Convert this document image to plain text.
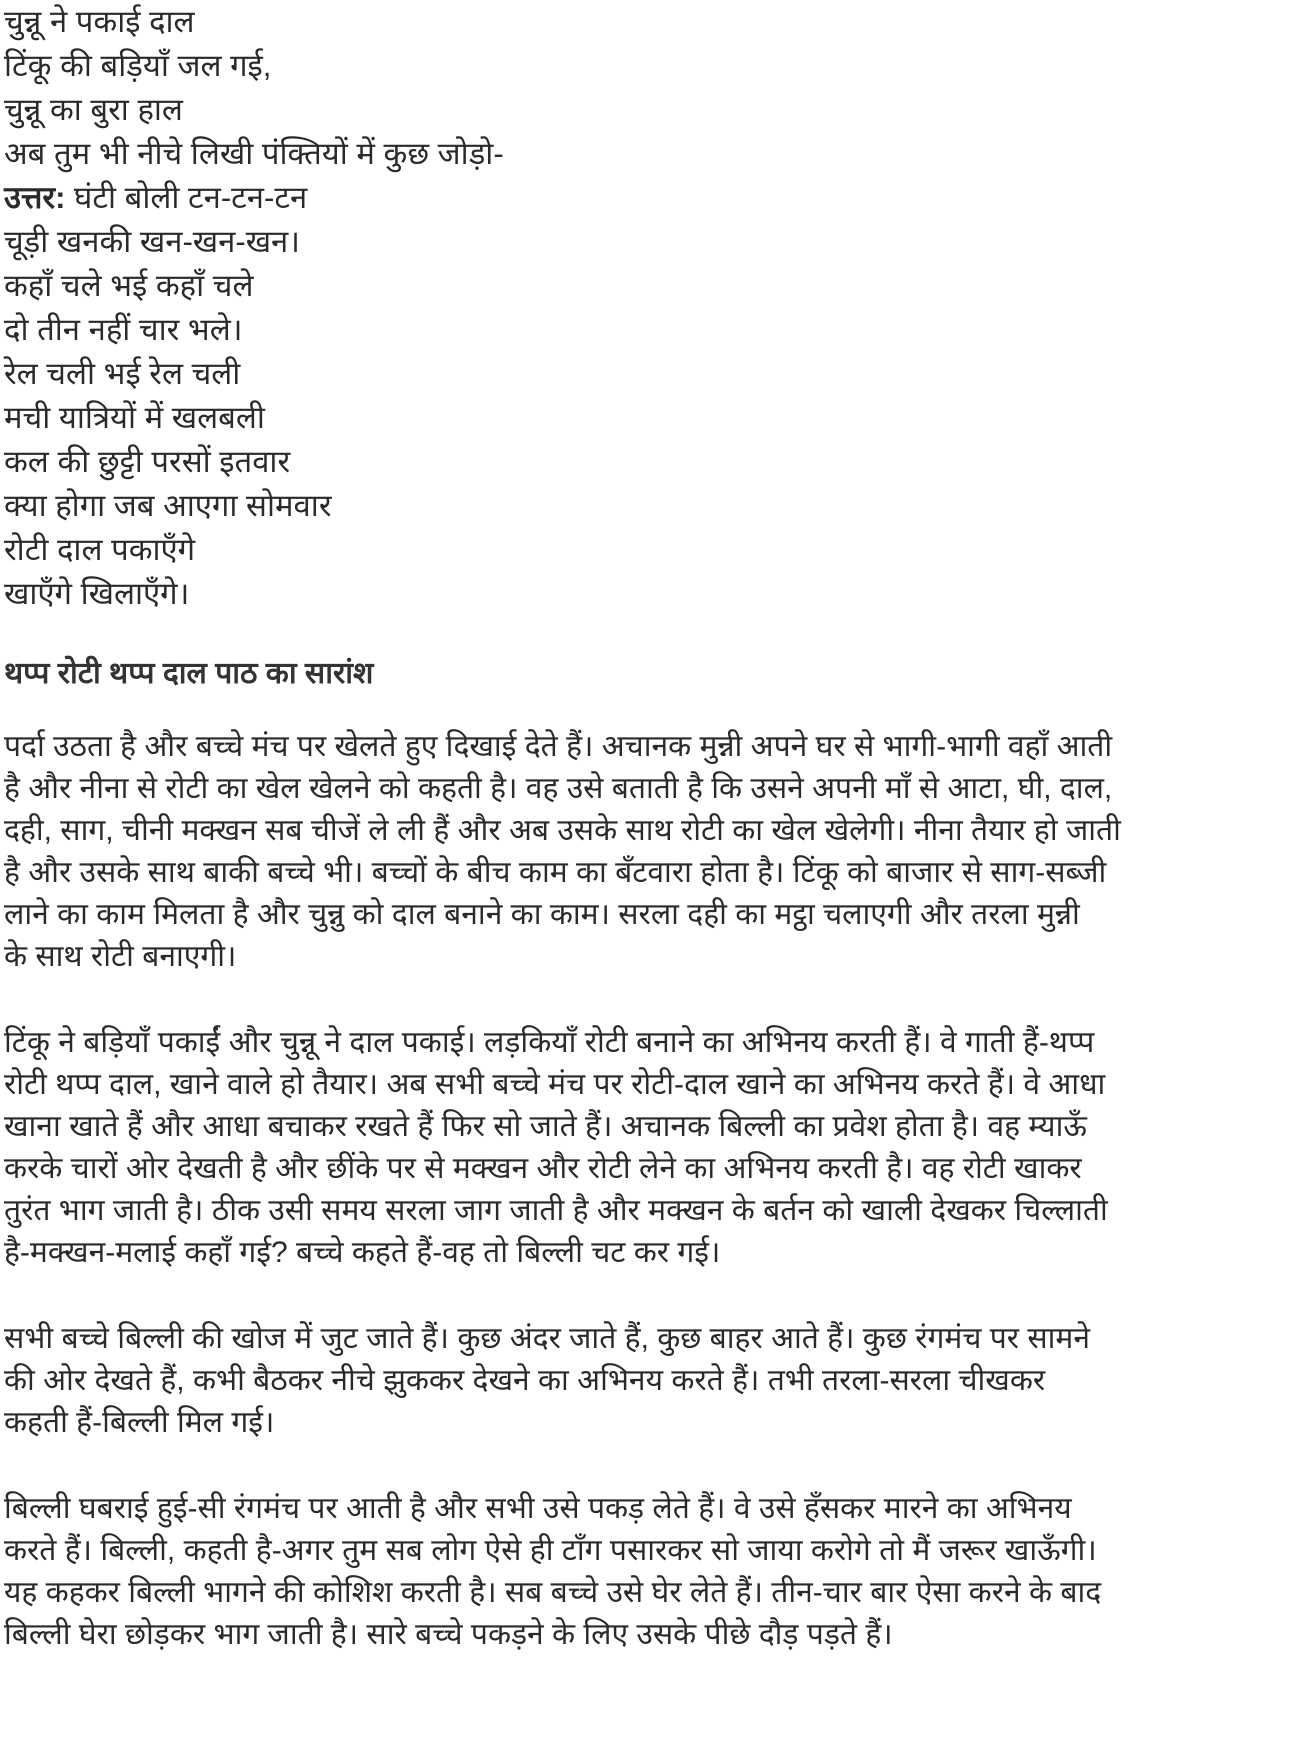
चुन्नू ने पकाई दाल
टिंकू की बड़ियाँ जल गई,
चुन्नू का बुरा हाल
अब तुम भी नीचे लिखी पंक्तियों में कुछ जोड़ो-
उत्तर: घंटी बोली टन-टन-टन
चूड़ी खनकी खन-खन-खन।
कहाँ चले भई कहाँ चले
दो तीन नहीं चार भले।
रेल चली भई रेल चली
मची यात्रियों में खलबली
कल की छुट्टी परसों इतवार
क्या होगा जब आएगा सोमवार
रोटी दाल पकाएँगे
खाएँगे खिलाएँगे।
थप्प रोटी थप्प दाल पाठ का सारांश
पर्दा उठता है और बच्चे मंच पर खेलते हुए दिखाई देते हैं। अचानक मुन्नी अपने घर से भागी-भागी वहाँ आती
है और नीना से रोटी का खेल खेलने को कहती है। वह उसे बताती है कि उसने अपनी माँ से आटा, घी, दाल,
दही, साग, चीनी मक्खन सब चीजें ले ली हैं और अब उसके साथ रोटी का खेल खेलेगी। नीना तैयार हो जाती
है और उसके साथ बाकी बच्चे भी। बच्चों के बीच काम का बँटवारा होता है। टिंकू को बाजार से साग-सब्जी
लाने का काम मिलता है और चुन्नु को दाल बनाने का काम। सरला दही का मट्ठा चलाएगी और तरला मुन्नी
के साथ रोटी बनाएगी।
टिंकू ने बड़ियाँ पकाईं और चुन्नू ने दाल पकाई। लड़कियाँ रोटी बनाने का अभिनय करती हैं। वे गाती हैं-थप्प
रोटी थप्प दाल, खाने वाले हो तैयार। अब सभी बच्चे मंच पर रोटी-दाल खाने का अभिनय करते हैं। वे आधा
खाना खाते हैं और आधा बचाकर रखते हैं फिर सो जाते हैं। अचानक बिल्ली का प्रवेश होता है। वह म्याऊँ
करके चारों ओर देखती है और छींके पर से मक्खन और रोटी लेने का अभिनय करती है। वह रोटी खाकर
तुरंत भाग जाती है। ठीक उसी समय सरला जाग जाती है और मक्खन के बर्तन को खाली देखकर चिल्लाती
है-मक्खन-मलाई कहाँ गई? बच्चे कहते हैं-वह तो बिल्ली चट कर गई।
सभी बच्चे बिल्ली की खोज में जुट जाते हैं। कुछ अंदर जाते हैं, कुछ बाहर आते हैं। कुछ रंगमंच पर सामने
की ओर देखते हैं, कभी बैठकर नीचे झुककर देखने का अभिनय करते हैं। तभी तरला-सरला चीखकर
कहती हैं-बिल्ली मिल गई।
बिल्ली घबराई हुई-सी रंगमंच पर आती है और सभी उसे पकड़ लेते हैं। वे उसे हँसकर मारने का अभिनय
करते हैं। बिल्ली, कहती है-अगर तुम सब लोग ऐसे ही टाँग पसारकर सो जाया करोगे तो मैं जरूर खाऊँगी।
यह कहकर बिल्ली भागने की कोशिश करती है। सब बच्चे उसे घेर लेते हैं। तीन-चार बार ऐसा करने के बाद
बिल्ली घेरा छोड़कर भाग जाती है। सारे बच्चे पकड़ने के लिए उसके पीछे दौड़ पड़ते हैं।
